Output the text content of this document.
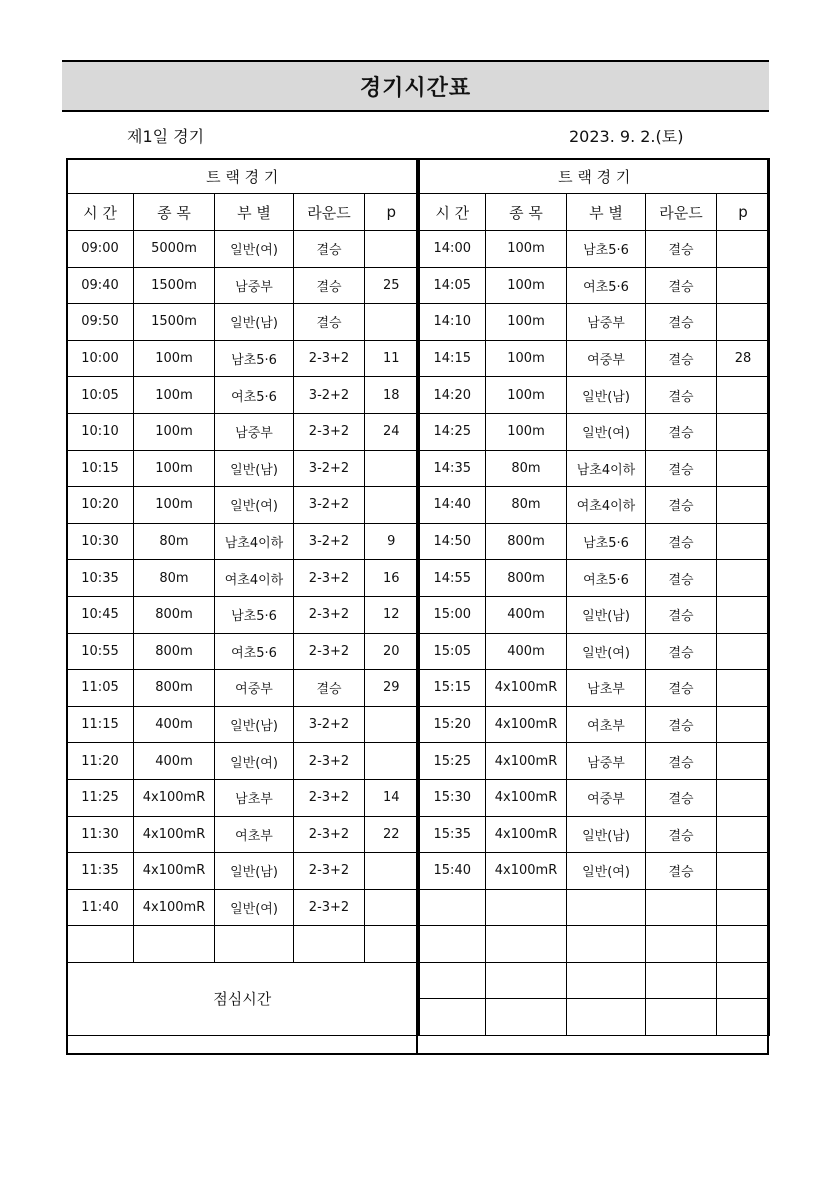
경기시간표
제1일 경기	2023. 9. 2.(토)
트 랙 경 기					트 랙 경 기				
시 간	종 목	부 별	라운드	p	시 간	종 목	부 별	라운드	p
09:00	5000m	일반(여)	결승		14:00	100m	남초5·6	결승	
09:40	1500m	남중부	결승	25	14:05	100m	여초5·6	결승	
09:50	1500m	일반(남)	결승		14:10	100m	남중부	결승	
10:00	100m	남초5·6	2-3+2	11	14:15	100m	여중부	결승	28
10:05	100m	여초5·6	3-2+2	18	14:20	100m	일반(남)	결승	
10:10	100m	남중부	2-3+2	24	14:25	100m	일반(여)	결승	
10:15	100m	일반(남)	3-2+2		14:35	80m	남초4이하	결승	
10:20	100m	일반(여)	3-2+2		14:40	80m	여초4이하	결승	
10:30	80m	남초4이하	3-2+2	9	14:50	800m	남초5·6	결승	
10:35	80m	여초4이하	2-3+2	16	14:55	800m	여초5·6	결승	
10:45	800m	남초5·6	2-3+2	12	15:00	400m	일반(남)	결승	
10:55	800m	여초5·6	2-3+2	20	15:05	400m	일반(여)	결승	
11:05	800m	여중부	결승	29	15:15	4x100mR	남초부	결승	
11:15	400m	일반(남)	3-2+2		15:20	4x100mR	여초부	결승	
11:20	400m	일반(여)	2-3+2		15:25	4x100mR	남중부	결승	
11:25	4x100mR	남초부	2-3+2	14	15:30	4x100mR	여중부	결승	
11:30	4x100mR	여초부	2-3+2	22	15:35	4x100mR	일반(남)	결승	
11:35	4x100mR	일반(남)	2-3+2		15:40	4x100mR	일반(여)	결승	
11:40	4x100mR	일반(여)	2-3+2						

점심시간									
